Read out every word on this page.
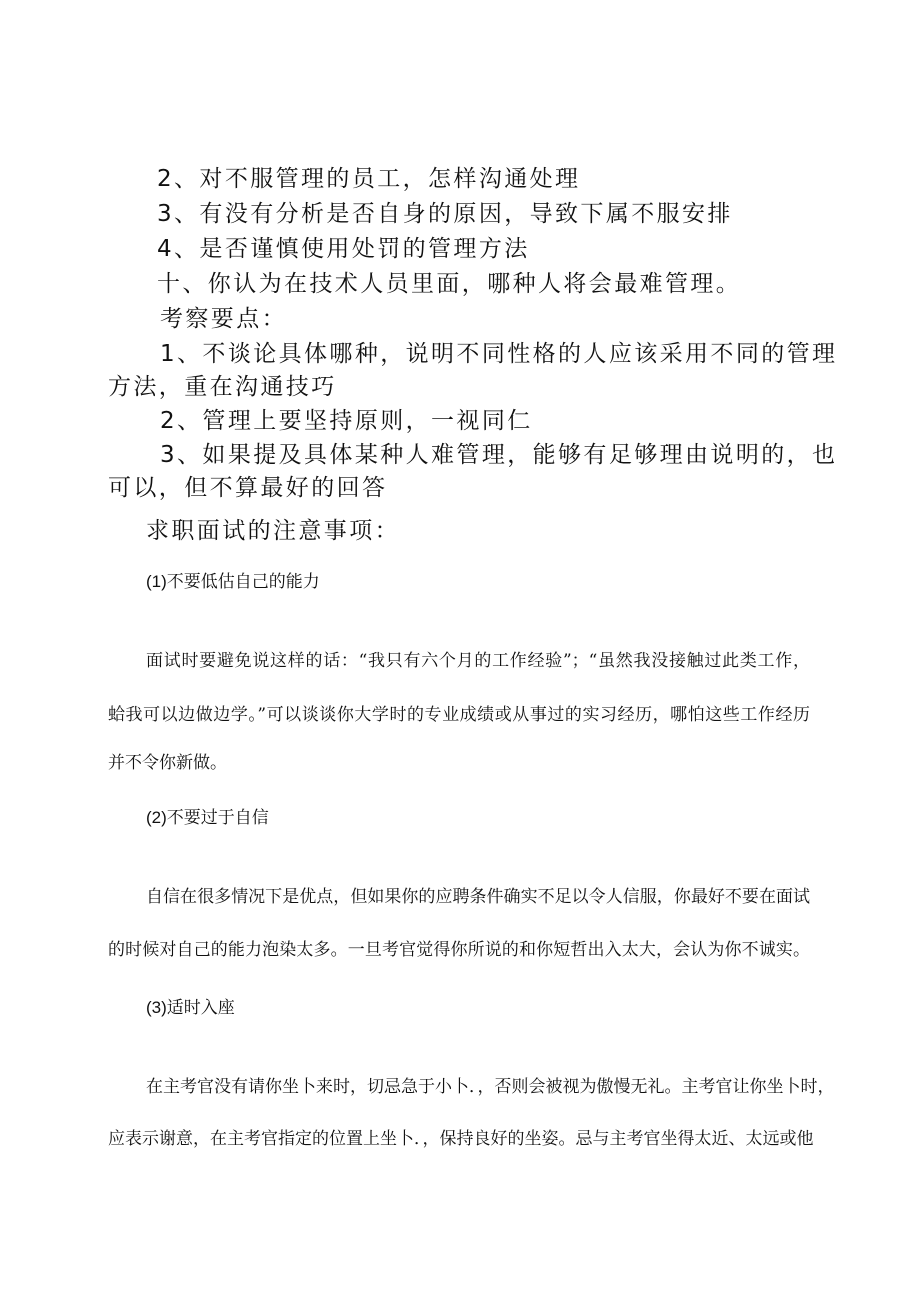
2、对不服管理的员工，怎样沟通处理

3、有没有分析是否自身的原因，导致下属不服安排

4、是否谨慎使用处罚的管理方法

十、你认为在技术人员里面，哪种人将会最难管理。

考察要点：

1、不谈论具体哪种，说明不同性格的人应该采用不同的管理

方法，重在沟通技巧

2、管理上要坚持原则，一视同仁

3、如果提及具体某种人难管理，能够有足够理由说明的，也

可以，但不算最好的回答

求职面试的注意事项：

(1)不要低估自己的能力

面试时要避免说这样的话：“我只有六个月的工作经验”；“虽然我没接触过此类工作，

蛤我可以边做边学。”可以谈谈你大学时的专业成绩或从事过的实习经历，哪怕这些工作经历

并不令你新做。

(2)不要过于自信

自信在很多情况下是优点，但如果你的应聘条件确实不足以令人信服，你最好不要在面试

的时候对自己的能力泡染太多。一旦考官觉得你所说的和你短哲出入太大，会认为你不诚实。

(3)适时入座

在主考官没有请你坐卜来时，切忌急于小卜．，否则会被视为傲慢无礼。主考官让你坐卜时，

应表示谢意，在主考官指定的位置上坐卜．，保持良好的坐姿。忌与主考官坐得太近、太远或他
